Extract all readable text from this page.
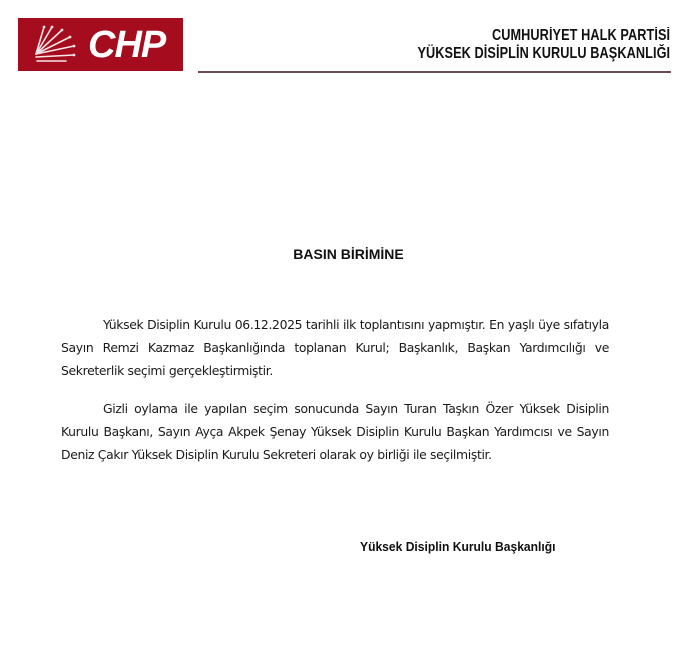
CHP	CUMHURİYET HALK PARTİSİ
YÜKSEK DİSİPLİN KURULU BAŞKANLIĞI
BASIN BİRİMİNE

Yüksek Disiplin Kurulu 06.12.2025 tarihli ilk toplantısını yapmıştır. En yaşlı üye sıfatıyla Sayın Remzi Kazmaz Başkanlığında toplanan Kurul; Başkanlık, Başkan Yardımcılığı ve Sekreterlik seçimi gerçekleştirmiştir.

Gizli oylama ile yapılan seçim sonucunda Sayın Turan Taşkın Özer Yüksek Disiplin Kurulu Başkanı, Sayın Ayça Akpek Şenay Yüksek Disiplin Kurulu Başkan Yardımcısı ve Sayın Deniz Çakır Yüksek Disiplin Kurulu Sekreteri olarak oy birliği ile seçilmiştir.

Yüksek Disiplin Kurulu Başkanlığı
